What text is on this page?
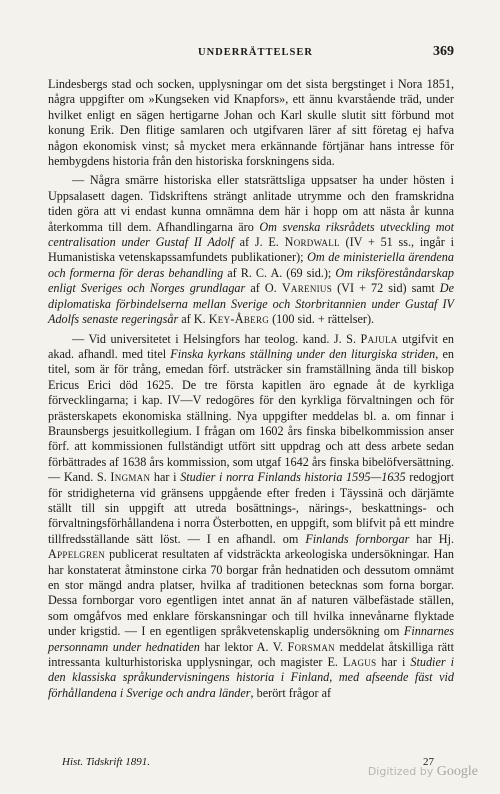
UNDERRÄTTELSER	369

Lindesbergs stad och socken, upplysningar om det sista bergstinget i Nora 1851, några uppgifter om »Kungseken vid Knapfors», ett ännu kvarstående träd, under hvilket enligt en sägen hertigarne Johan och Karl skulle slutit sitt förbund mot konung Erik. Den flitige samlaren och utgifvaren lärer af sitt företag ej hafva någon ekonomisk vinst; så mycket mera erkännande förtjänar hans intresse för hembygdens historia från den historiska forskningens sida.

— Några smärre historiska eller statsrättsliga uppsatser ha under hösten i Uppsalasett dagen. Tidskriftens strängt anlitade utrymme och den framskridna tiden göra att vi endast kunna omnämna dem här i hopp om att nästa år kunna återkomma till dem. Afhandlingarna äro Om svenska riksrådets utveckling mot centralisation under Gustaf II Adolf af J. E. Nordwall (IV + 51 ss., ingår i Humanistiska vetenskapssamfundets publikationer); Om de ministeriella ärendena och formerna för deras behandling af R. C. A. (69 sid.); Om riksföreståndarskap enligt Sveriges och Norges grundlagar af O. Varenius (VI + 72 sid) samt De diplomatiska förbindelserna mellan Sverige och Storbritannien under Gustaf IV Adolfs senaste regeringsår af K. Key-Åberg (100 sid. + rättelser).

— Vid universitetet i Helsingfors har teolog. kand. J. S. Pajula utgifvit en akad. afhandl. med titel Finska kyrkans ställning under den liturgiska striden, en titel, som är för trång, emedan förf. utsträcker sin framställning ända till biskop Ericus Erici död 1625. De tre första kapitlen äro egnade åt de kyrkliga förvecklingarna; i kap. IV—V redogöres för den kyrkliga förvaltningen och för prästerskapets ekonomiska ställning. Nya uppgifter meddelas bl. a. om finnar i Braunsbergs jesuitkollegium. I frågan om 1602 års finska bibelkommission anser förf. att kommissionen fullständigt utfört sitt uppdrag och att dess arbete sedan förbättrades af 1638 års kommission, som utgaf 1642 års finska bibelöfversättning. — Kand. S. Ingman har i Studier i norra Finlands historia 1595—1635 redogjort för stridigheterna vid gränsens uppgående efter freden i Täyssinä och därjämte ställt till sin uppgift att utreda bosättnings-, närings-, beskattnings- och förvaltningsförhållandena i norra Österbotten, en uppgift, som blifvit på ett mindre tillfredsställande sätt löst. — I en afhandl. om Finlands fornborgar har Hj. Appelgren publicerat resultaten af vidsträckta arkeologiska undersökningar. Han har konstaterat åtminstone cirka 70 borgar från hednatiden och dessutom omnämt en stor mängd andra platser, hvilka af traditionen betecknas som forna borgar. Dessa fornborgar voro egentligen intet annat än af naturen välbefästade ställen, som omgåfvos med enklare förskansningar och till hvilka innevånarne flyktade under krigstid. — I en egentligen språkvetenskaplig undersökning om Finnarnes personnamn under hednatiden har lektor A. V. Forsman meddelat åtskilliga rätt intressanta kulturhistoriska upplysningar, och magister E. Lagus har i Studier i den klassiska språkundervisningens historia i Finland, med afseende fäst vid förhållandena i Sverige och andra länder, berört frågor af

Hist. Tidskrift 1891.	27
Digitized by Google
